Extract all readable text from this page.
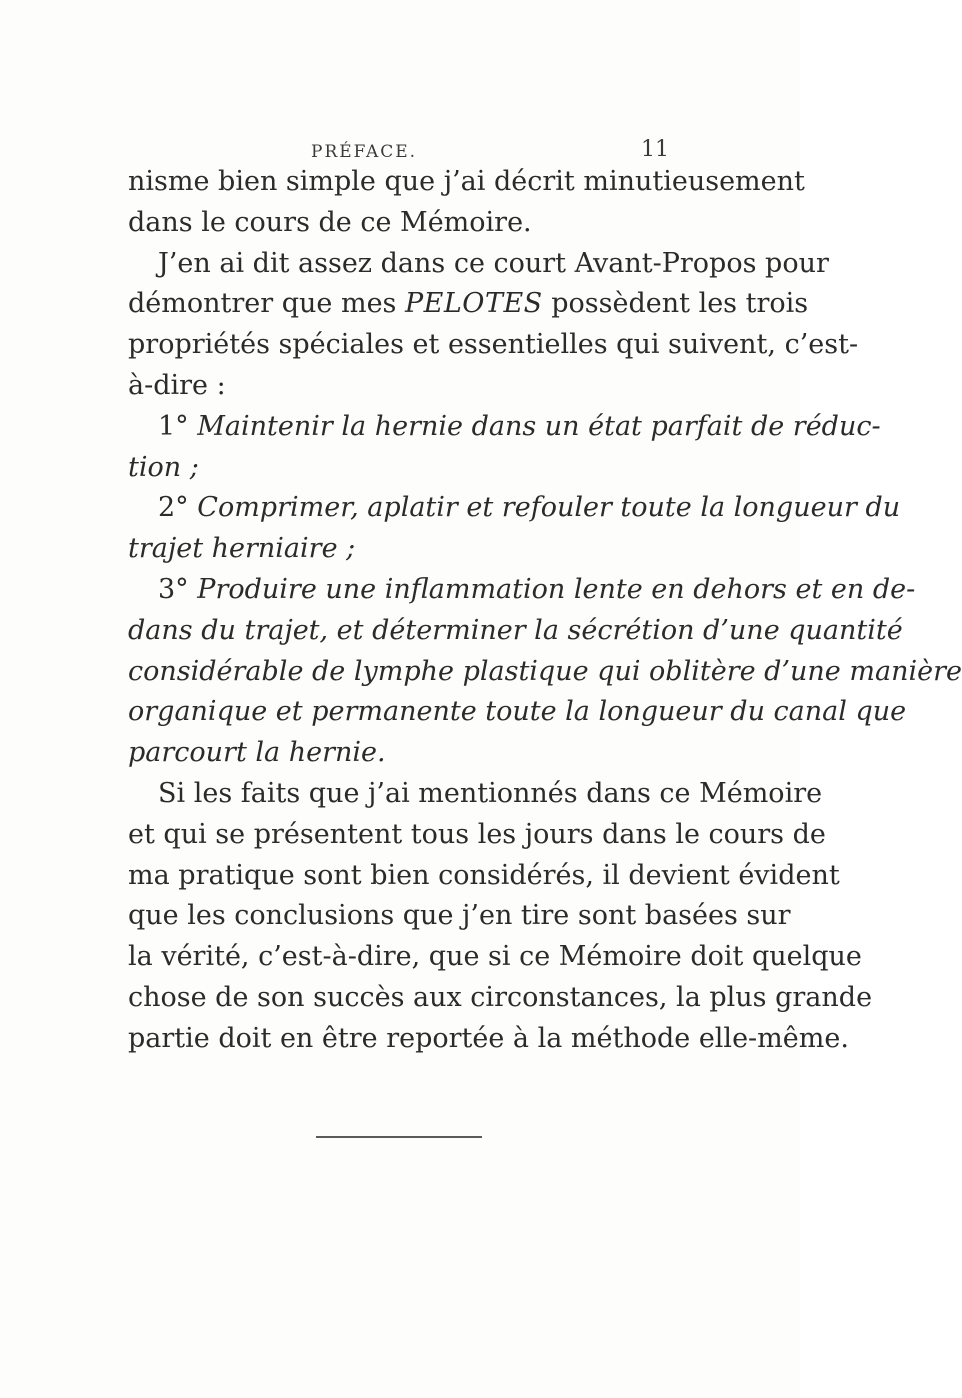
PRÉFACE.	11
nisme bien simple que j’ai décrit minutieusement
dans le cours de ce Mémoire.
J’en ai dit assez dans ce court Avant-Propos pour
démontrer que mes PELOTES possèdent les trois
propriétés spéciales et essentielles qui suivent, c’est-
à-dire :
1° Maintenir la hernie dans un état parfait de réduc-
tion ;
2° Comprimer, aplatir et refouler toute la longueur du
trajet herniaire ;
3° Produire une inflammation lente en dehors et en de-
dans du trajet, et déterminer la sécrétion d’une quantité
considérable de lymphe plastique qui oblitère d’une manière
organique et permanente toute la longueur du canal que
parcourt la hernie.
Si les faits que j’ai mentionnés dans ce Mémoire
et qui se présentent tous les jours dans le cours de
ma pratique sont bien considérés, il devient évident
que les conclusions que j’en tire sont basées sur
la vérité, c’est-à-dire, que si ce Mémoire doit quelque
chose de son succès aux circonstances, la plus grande
partie doit en être reportée à la méthode elle-même.
